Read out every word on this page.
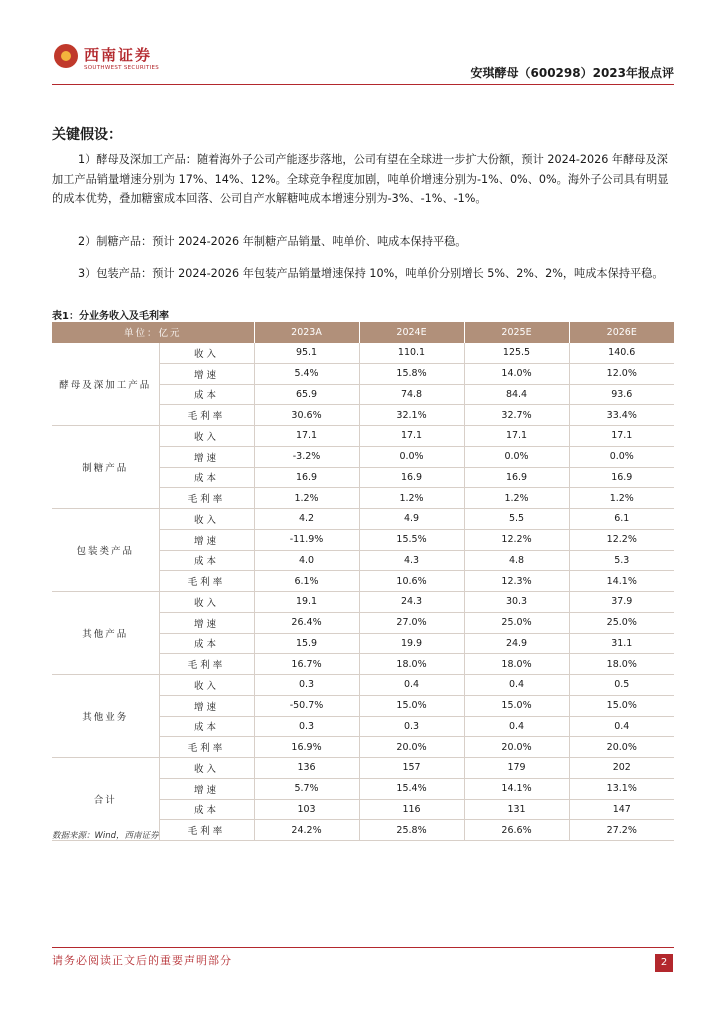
西南证券
SOUTHWEST SECURITIES	安琪酵母（600298）2023年报点评
关键假设：
1）酵母及深加工产品：随着海外子公司产能逐步落地，公司有望在全球进一步扩大份额，预计 2024-2026 年酵母及深加工产品销量增速分别为 17%、14%、12%。全球竞争程度加剧，吨单价增速分别为-1%、0%、0%。海外子公司具有明显的成本优势，叠加糖蜜成本回落、公司自产水解糖吨成本增速分别为-3%、-1%、-1%。
2）制糖产品：预计 2024-2026 年制糖产品销量、吨单价、吨成本保持平稳。
3）包装产品：预计 2024-2026 年包装产品销量增速保持 10%，吨单价分别增长 5%、2%、2%，吨成本保持平稳。
表1：分业务收入及毛利率
单位：亿元		2023A	2024E	2025E	2026E
酵母及深加工产品	收入	95.1	110.1	125.5	140.6
	增速	5.4%	15.8%	14.0%	12.0%
	成本	65.9	74.8	84.4	93.6
	毛利率	30.6%	32.1%	32.7%	33.4%
制糖产品	收入	17.1	17.1	17.1	17.1
	增速	-3.2%	0.0%	0.0%	0.0%
	成本	16.9	16.9	16.9	16.9
	毛利率	1.2%	1.2%	1.2%	1.2%
包装类产品	收入	4.2	4.9	5.5	6.1
	增速	-11.9%	15.5%	12.2%	12.2%
	成本	4.0	4.3	4.8	5.3
	毛利率	6.1%	10.6%	12.3%	14.1%
其他产品	收入	19.1	24.3	30.3	37.9
	增速	26.4%	27.0%	25.0%	25.0%
	成本	15.9	19.9	24.9	31.1
	毛利率	16.7%	18.0%	18.0%	18.0%
其他业务	收入	0.3	0.4	0.4	0.5
	增速	-50.7%	15.0%	15.0%	15.0%
	成本	0.3	0.3	0.4	0.4
	毛利率	16.9%	20.0%	20.0%	20.0%
合计	收入	136	157	179	202
	增速	5.7%	15.4%	14.1%	13.1%
	成本	103	116	131	147
	毛利率	24.2%	25.8%	26.6%	27.2%
数据来源：Wind，西南证券
请务必阅读正文后的重要声明部分	2
